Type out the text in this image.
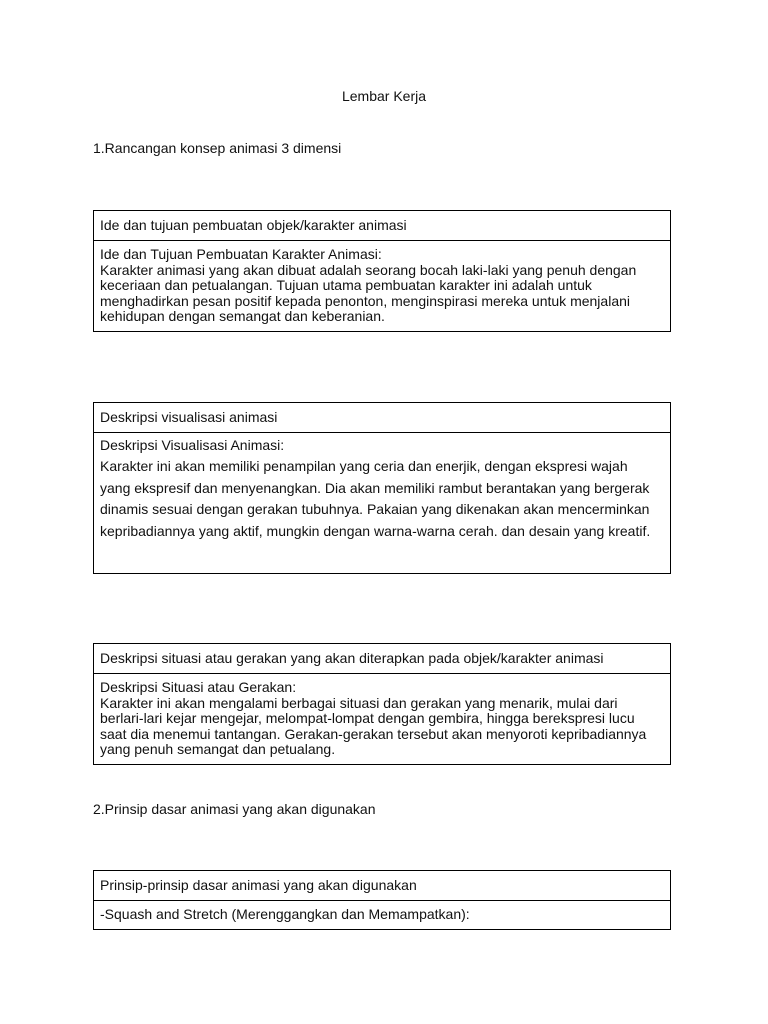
Lembar Kerja
1.Rancangan konsep animasi 3 dimensi
Ide dan tujuan pembuatan objek/karakter animasi

Ide dan Tujuan Pembuatan Karakter Animasi:

Karakter animasi yang akan dibuat adalah seorang bocah laki-laki yang penuh dengan

keceriaan dan petualangan. Tujuan utama pembuatan karakter ini adalah untuk

menghadirkan pesan positif kepada penonton, menginspirasi mereka untuk menjalani

kehidupan dengan semangat dan keberanian.

Deskripsi visualisasi animasi

Deskripsi Visualisasi Animasi:

Karakter ini akan memiliki penampilan yang ceria dan enerjik, dengan ekspresi wajah

yang ekspresif dan menyenangkan. Dia akan memiliki rambut berantakan yang bergerak

dinamis sesuai dengan gerakan tubuhnya. Pakaian yang dikenakan akan mencerminkan

kepribadiannya yang aktif, mungkin dengan warna-warna cerah. dan desain yang kreatif.

Deskripsi situasi atau gerakan yang akan diterapkan pada objek/karakter animasi

Deskripsi Situasi atau Gerakan:

Karakter ini akan mengalami berbagai situasi dan gerakan yang menarik, mulai dari

berlari-lari kejar mengejar, melompat-lompat dengan gembira, hingga berekspresi lucu

saat dia menemui tantangan. Gerakan-gerakan tersebut akan menyoroti kepribadiannya

yang penuh semangat dan petualang.

2.Prinsip dasar animasi yang akan digunakan
Prinsip-prinsip dasar animasi yang akan digunakan

-Squash and Stretch (Merenggangkan dan Memampatkan):
